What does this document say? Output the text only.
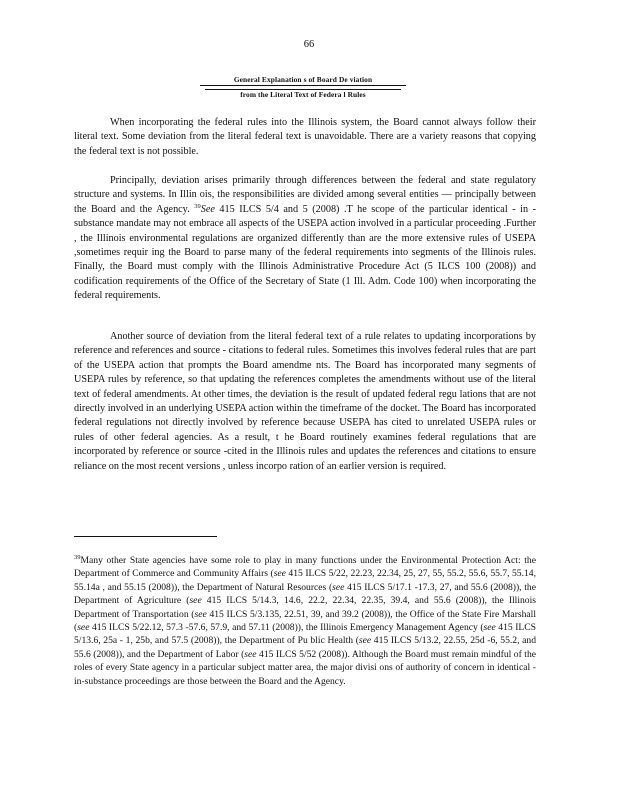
66
General Explanation s of Board De viation
from the Literal Text of Federa l Rules

When incorporating the federal rules into the Illinois system, the Board cannot always follow their literal text. Some deviation from the literal federal text is unavoidable. There are a variety reasons that copying the federal text is not possible.

Principally, deviation arises primarily through differences between the federal and state regulatory structure and systems. In Illin ois, the responsibilities are divided among several entities — principally between the Board and the Agency. $^{39}$See 415 ILCS 5/4 and 5 (2008) .T he scope of the particular identical - in - substance mandate may not embrace all aspects of the USEPA action involved in a particular proceeding .Further , the Illinois environmental regulations are organized differently than are the more extensive rules of USEPA ,sometimes requir ing the Board to parse many of the federal requirements into segments of the Illinois rules. Finally, the Board must comply with the Illinois Administrative Procedure Act (5 ILCS 100 (2008)) and codification requirements of the Office of the Secretary of State (1 Ill. Adm. Code 100) when incorporating the federal requirements.

Another source of deviation from the literal federal text of a rule relates to updating incorporations by reference and references and source - citations to federal rules. Sometimes this involves federal rules that are part of the USEPA action that prompts the Board amendme nts. The Board has incorporated many segments of USEPA rules by reference, so that updating the references completes the amendments without use of the literal text of federal amendments. At other times, the deviation is the result of updated federal regu lations that are not directly involved in an underlying USEPA action within the timeframe of the docket. The Board has incorporated federal regulations not directly involved by reference because USEPA has cited to unrelated USEPA rules or rules of other federal agencies. As a result, t he Board routinely examines federal regulations that are incorporated by reference or source -cited in the Illinois rules and updates the references and citations to ensure reliance on the most recent versions , unless incorpo ration of an earlier version is required.

$^{39}$Many other State agencies have some role to play in many functions under the Environmental Protection Act: the Department of Commerce and Community Affairs (see 415 ILCS 5/22, 22.23, 22.34, 25, 27, 55, 55.2, 55.6, 55.7, 55.14, 55.14a , and 55.15 (2008)), the Department of Natural Resources (see 415 ILCS 5/17.1 -17.3, 27, and 55.6 (2008)), the Department of Agriculture (see 415 ILCS 5/14.3, 14.6, 22.2, 22.34, 22.35, 39.4, and 55.6 (2008)), the Illinois Department of Transportation (see 415 ILCS 5/3.135, 22.51, 39, and 39.2 (2008)), the Office of the State Fire Marshall (see 415 ILCS 5/22.12, 57.3 -57.6, 57.9, and 57.11 (2008)), the Illinois Emergency Management Agency (see 415 ILCS 5/13.6, 25a - 1, 25b, and 57.5 (2008)), the Department of Pu blic Health (see 415 ILCS 5/13.2, 22.55, 25d -6, 55.2, and 55.6 (2008)), and the Department of Labor (see 415 ILCS 5/52 (2008)). Although the Board must remain mindful of the roles of every State agency in a particular subject matter area, the major divisi ons of authority of concern in identical -in-substance proceedings are those between the Board and the Agency.
